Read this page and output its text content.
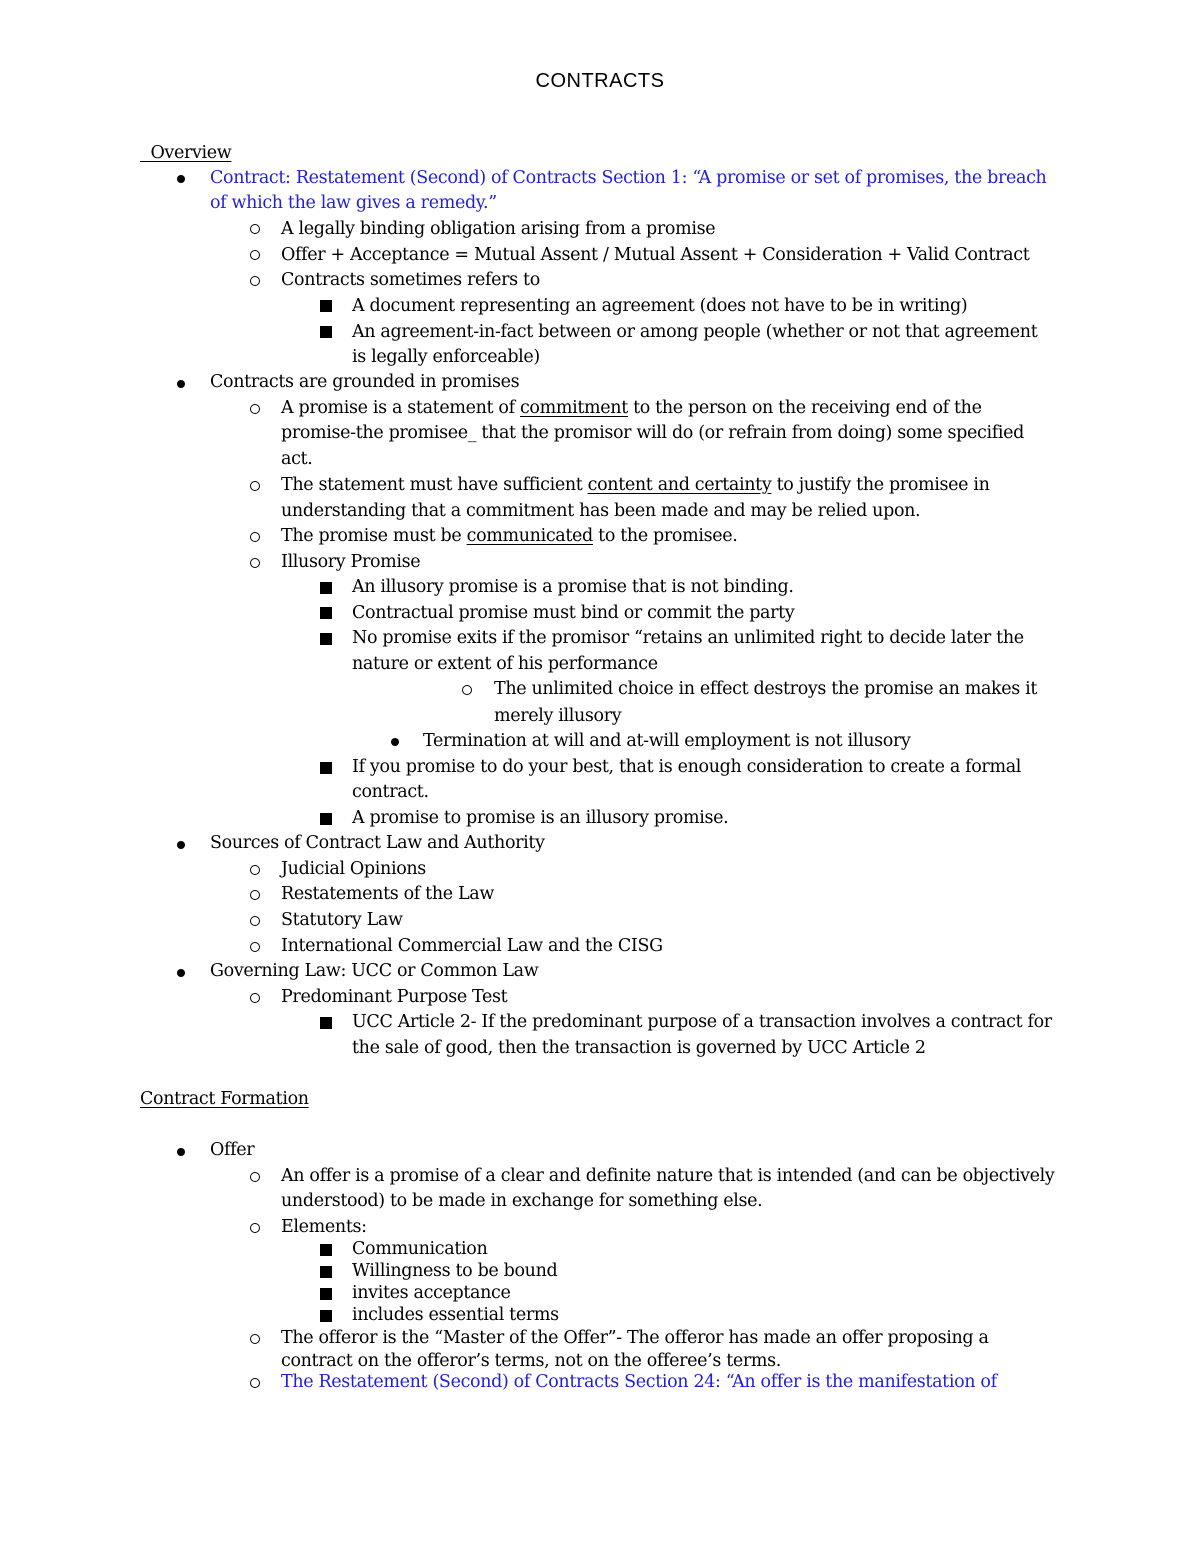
CONTRACTS
Overview
Contract: Restatement (Second) of Contracts Section 1: “A promise or set of promises, the breach
of which the law gives a remedy.”
A legally binding obligation arising from a promise
Offer + Acceptance = Mutual Assent / Mutual Assent + Consideration + Valid Contract
Contracts sometimes refers to
A document representing an agreement (does not have to be in writing)
An agreement-in-fact between or among people (whether or not that agreement
is legally enforceable)
Contracts are grounded in promises
A promise is a statement of commitment to the person on the receiving end of the
promise-the promisee_ that the promisor will do (or refrain from doing) some specified
act.
The statement must have sufficient content and certainty to justify the promisee in
understanding that a commitment has been made and may be relied upon.
The promise must be communicated to the promisee.
Illusory Promise
An illusory promise is a promise that is not binding.
Contractual promise must bind or commit the party
No promise exits if the promisor “retains an unlimited right to decide later the
nature or extent of his performance
The unlimited choice in effect destroys the promise an makes it
merely illusory
Termination at will and at-will employment is not illusory
If you promise to do your best, that is enough consideration to create a formal
contract.
A promise to promise is an illusory promise.
Sources of Contract Law and Authority
Judicial Opinions
Restatements of the Law
Statutory Law
International Commercial Law and the CISG
Governing Law: UCC or Common Law
Predominant Purpose Test
UCC Article 2- If the predominant purpose of a transaction involves a contract for
the sale of good, then the transaction is governed by UCC Article 2
Contract Formation
Offer
An offer is a promise of a clear and definite nature that is intended (and can be objectively
understood) to be made in exchange for something else.
Elements:
Communication
Willingness to be bound
invites acceptance
includes essential terms
The offeror is the “Master of the Offer”- The offeror has made an offer proposing a
contract on the offeror’s terms, not on the offeree’s terms.
The Restatement (Second) of Contracts Section 24: “An offer is the manifestation of
